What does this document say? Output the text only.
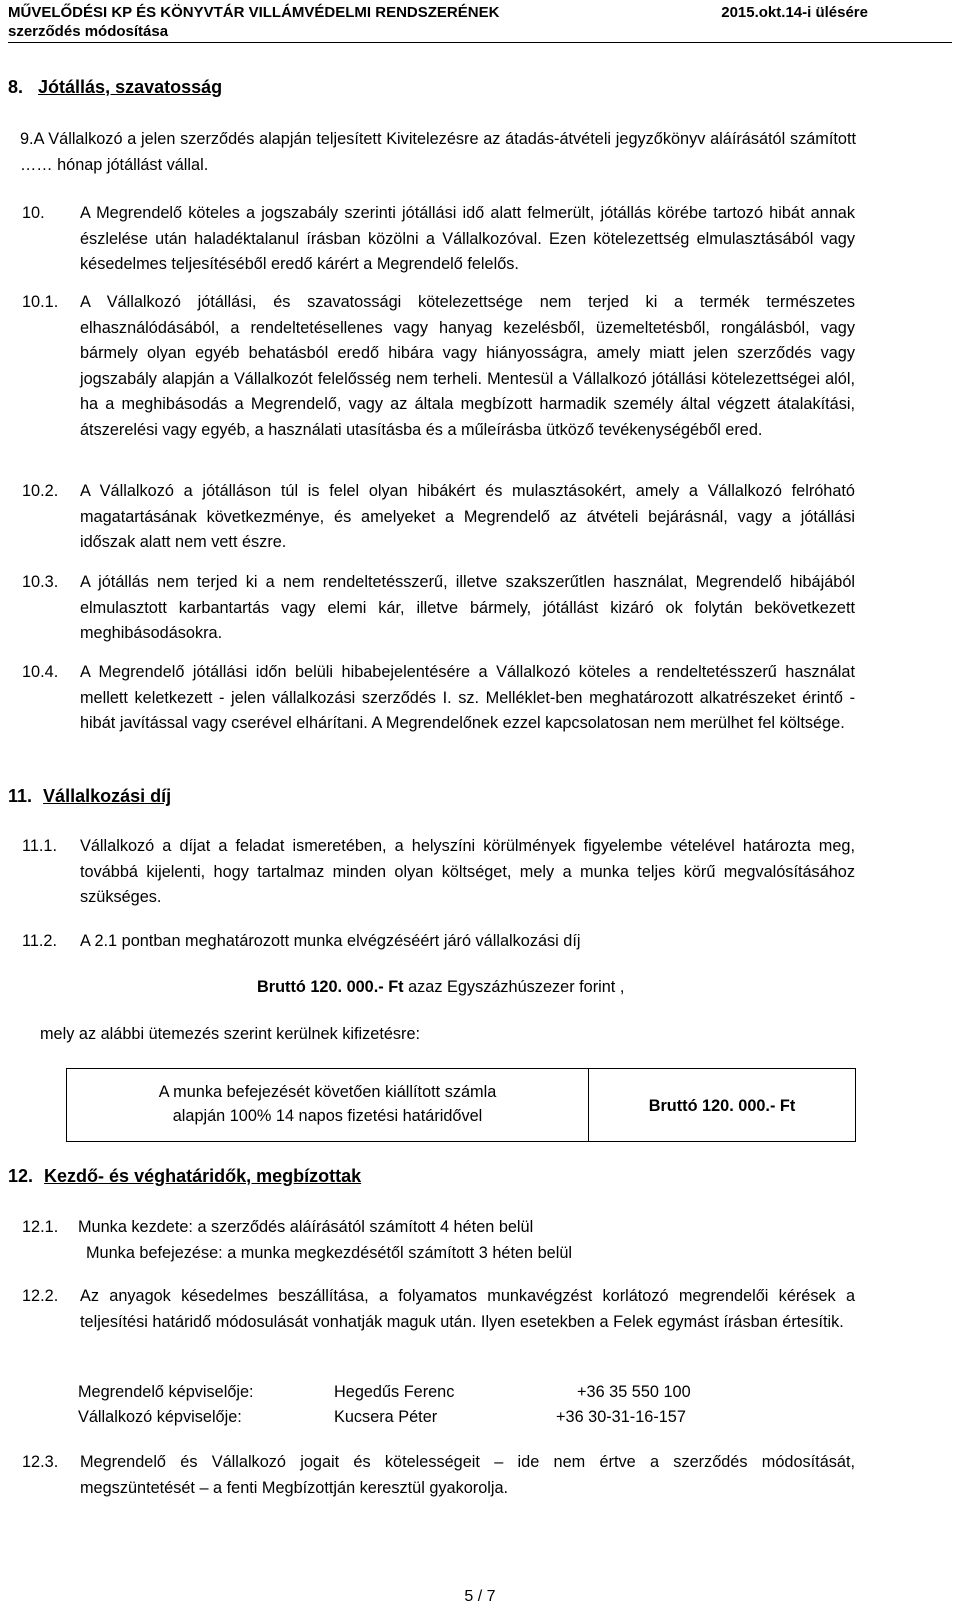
MŰVELŐDÉSI KP ÉS KÖNYVTÁR VILLÁMVÉDELMI RENDSZERÉNEK	2015.okt.14-i ülésére
szerződés módosítása
8. Jótállás, szavatosság
9.A Vállalkozó a jelen szerződés alapján teljesített Kivitelezésre az átadás-átvételi jegyzőkönyv aláírásától számított …… hónap jótállást vállal.
10. A Megrendelő köteles a jogszabály szerinti jótállási idő alatt felmerült, jótállás körébe tartozó hibát annak észlelése után haladéktalanul írásban közölni a Vállalkozóval. Ezen kötelezettség elmulasztásából vagy késedelmes teljesítéséből eredő kárért a Megrendelő felelős.
10.1. A Vállalkozó jótállási, és szavatossági kötelezettsége nem terjed ki a termék természetes elhasználódásából, a rendeltetésellenes vagy hanyag kezelésből, üzemeltetésből, rongálásból, vagy bármely olyan egyéb behatásból eredő hibára vagy hiányosságra, amely miatt jelen szerződés vagy jogszabály alapján a Vállalkozót felelősség nem terheli. Mentesül a Vállalkozó jótállási kötelezettségei alól, ha a meghibásodás a Megrendelő, vagy az általa megbízott harmadik személy által végzett átalakítási, átszerelési vagy egyéb, a használati utasításba és a műleírásba ütköző tevékenységéből ered.
10.2. A Vállalkozó a jótálláson túl is felel olyan hibákért és mulasztásokért, amely a Vállalkozó felróható magatartásának következménye, és amelyeket a Megrendelő az átvételi bejárásnál, vagy a jótállási időszak alatt nem vett észre.
10.3. A jótállás nem terjed ki a nem rendeltetésszerű, illetve szakszerűtlen használat, Megrendelő hibájából elmulasztott karbantartás vagy elemi kár, illetve bármely, jótállást kizáró ok folytán bekövetkezett meghibásodásokra.
10.4. A Megrendelő jótállási időn belüli hibabejelentésére a Vállalkozó köteles a rendeltetésszerű használat mellett keletkezett - jelen vállalkozási szerződés I. sz. Melléklet-ben meghatározott alkatrészeket érintő - hibát javítással vagy cserével elhárítani. A Megrendelőnek ezzel kapcsolatosan nem merülhet fel költsége.
11. Vállalkozási díj
11.1. Vállalkozó a díjat a feladat ismeretében, a helyszíni körülmények figyelembe vételével határozta meg, továbbá kijelenti, hogy tartalmaz minden olyan költséget, mely a munka teljes körű megvalósításához szükséges.
11.2. A 2.1 pontban meghatározott munka elvégzéséért járó vállalkozási díj
Bruttó 120. 000.- Ft azaz Egyszázhúszezer forint ,
mely az alábbi ütemezés szerint kerülnek kifizetésre:
A munka befejezését követően kiállított számla
alapján 100% 14 napos fizetési határidővel
Bruttó 120. 000.- Ft
12. Kezdő- és véghatáridők, megbízottak
12.1. Munka kezdete: a szerződés aláírásától számított 4 héten belül
Munka befejezése: a munka megkezdésétől számított 3 héten belül
12.2. Az anyagok késedelmes beszállítása, a folyamatos munkavégzést korlátozó megrendelői kérések a teljesítési határidő módosulását vonhatják maguk után. Ilyen esetekben a Felek egymást írásban értesítik.
Megrendelő képviselője:	Hegedűs Ferenc	+36 35 550 100
Vállalkozó képviselője:	Kucsera Péter	+36 30-31-16-157
12.3. Megrendelő és Vállalkozó jogait és kötelességeit – ide nem értve a szerződés módosítását, megszüntetését – a fenti Megbízottján keresztül gyakorolja.
5 / 7
